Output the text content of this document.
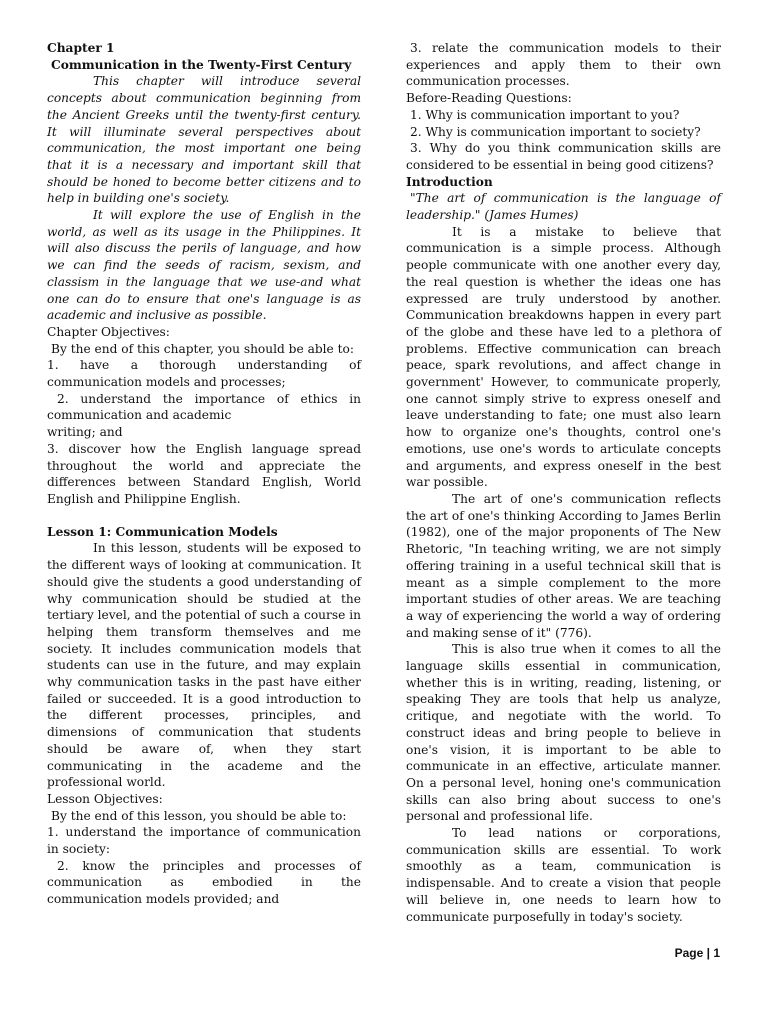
Chapter 1

Communication in the Twenty-First Century

This chapter will introduce several concepts about communication beginning from the Ancient Greeks until the twenty-first century. It will illuminate several perspectives about communication, the most important one being that it is a necessary and important skill that should be honed to become better citizens and to help in building one's society.

It will explore the use of English in the world, as well as its usage in the Philippines. It will also discuss the perils of language, and how we can find the seeds of racism, sexism, and classism in the language that we use-and what one can do to ensure that one's language is as academic and inclusive as possible.

Chapter Objectives:

By the end of this chapter, you should be able to:

1. have a thorough understanding of communication models and processes;

2. understand the importance of ethics in communication and academic

writing; and

3. discover how the English language spread throughout the world and appreciate the differences between Standard English, World English and Philippine English.

Lesson 1: Communication Models

In this lesson, students will be exposed to the different ways of looking at communication. It should give the students a good understanding of why communication should be studied at the tertiary level, and the potential of such a course in helping them transform themselves and me society. It includes communication models that students can use in the future, and may explain why communication tasks in the past have either failed or succeeded. It is a good introduction to the different processes, principles, and dimensions of communication that students should be aware of, when they start communicating in the academe and the professional world.

Lesson Objectives:

By the end of this lesson, you should be able to:

1. understand the importance of communication in society:

2. know the principles and processes of communication as embodied in the communication models provided; and

3. relate the communication models to their experiences and apply them to their own communication processes.

Before-Reading Questions:

1. Why is communication important to you?

2. Why is communication important to society?

3. Why do you think communication skills are considered to be essential in being good citizens?

Introduction

"The art of communication is the language of leadership." (James Humes)

It is a mistake to believe that communication is a simple process. Although people communicate with one another every day, the real question is whether the ideas one has expressed are truly understood by another. Communication breakdowns happen in every part of the globe and these have led to a plethora of problems. Effective communication can breach peace, spark revolutions, and affect change in government' However, to communicate properly, one cannot simply strive to express oneself and leave understanding to fate; one must also learn how to organize one's thoughts, control one's emotions, use one's words to articulate concepts and arguments, and express oneself in the best war possible.

The art of one's communication reflects the art of one's thinking According to James Berlin (1982), one of the major proponents of The New Rhetoric, "In teaching writing, we are not simply offering training in a useful technical skill that is meant as a simple complement to the more important studies of other areas. We are teaching a way of experiencing the world a way of ordering and making sense of it" (776).

This is also true when it comes to all the language skills essential in communication, whether this is in writing, reading, listening, or speaking They are tools that help us analyze, critique, and negotiate with the world. To construct ideas and bring people to believe in one's vision, it is important to be able to communicate in an effective, articulate manner. On a personal level, honing one's communication skills can also bring about success to one's personal and professional life.

To lead nations or corporations, communication skills are essential. To work smoothly as a team, communication is indispensable. And to create a vision that people will believe in, one needs to learn how to communicate purposefully in today's society.

Page | 1
